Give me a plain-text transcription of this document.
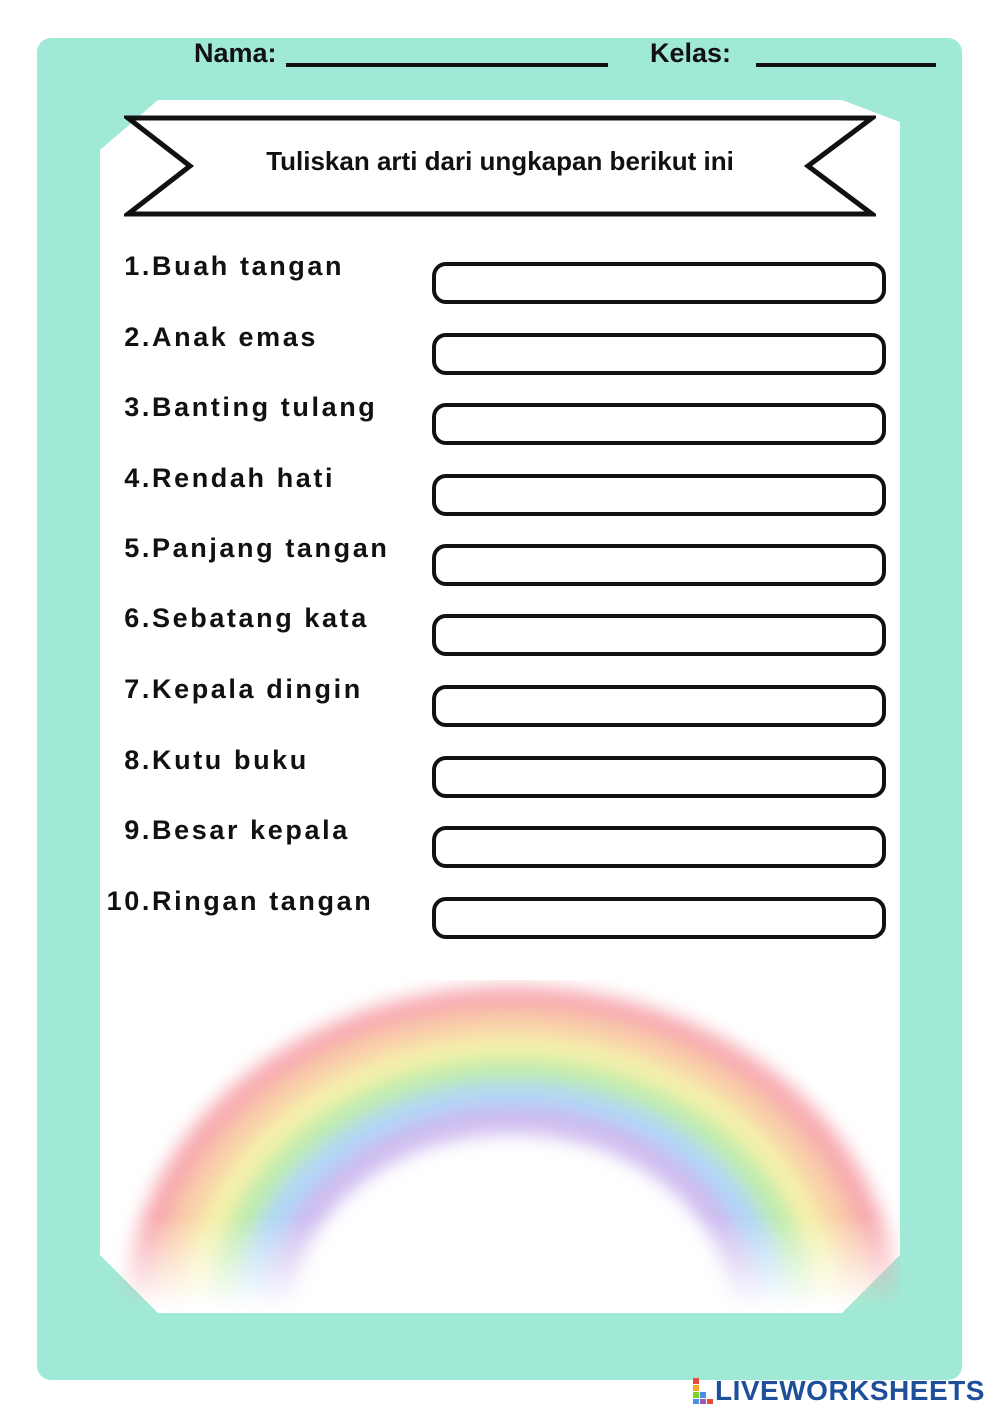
Nama:	Kelas:
Tuliskan arti dari ungkapan berikut ini
1. Buah tangan
2. Anak emas
3. Banting tulang
4. Rendah hati
5. Panjang tangan
6. Sebatang kata
7. Kepala dingin
8. Kutu buku
9. Besar kepala
10. Ringan tangan
LIVEWORKSHEETS
